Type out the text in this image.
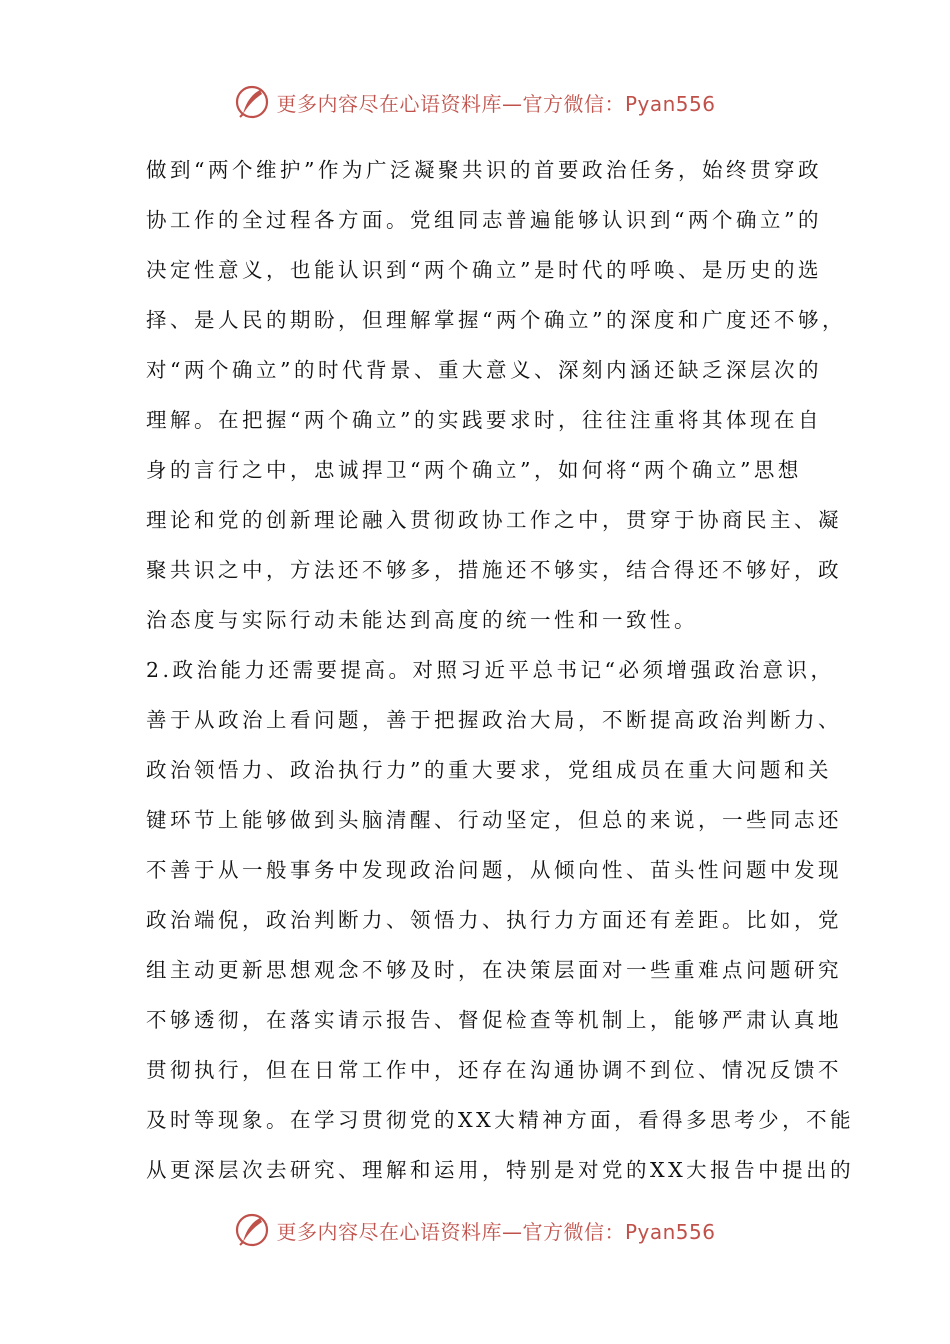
更多内容尽在心语资料库—官方微信：Pyan556
做到“两个维护”作为广泛凝聚共识的首要政治任务，始终贯穿政
协工作的全过程各方面。党组同志普遍能够认识到“两个确立”的
决定性意义，也能认识到“两个确立”是时代的呼唤、是历史的选
择、是人民的期盼，但理解掌握“两个确立”的深度和广度还不够，
对“两个确立”的时代背景、重大意义、深刻内涵还缺乏深层次的
理解。在把握“两个确立”的实践要求时，往往注重将其体现在自
身的言行之中，忠诚捍卫“两个确立”，如何将“两个确立”思想
理论和党的创新理论融入贯彻政协工作之中，贯穿于协商民主、凝
聚共识之中，方法还不够多，措施还不够实，结合得还不够好，政
治态度与实际行动未能达到高度的统一性和一致性。
2.政治能力还需要提高。对照习近平总书记“必须增强政治意识，
善于从政治上看问题，善于把握政治大局，不断提高政治判断力、
政治领悟力、政治执行力”的重大要求，党组成员在重大问题和关
键环节上能够做到头脑清醒、行动坚定，但总的来说，一些同志还
不善于从一般事务中发现政治问题，从倾向性、苗头性问题中发现
政治端倪，政治判断力、领悟力、执行力方面还有差距。比如，党
组主动更新思想观念不够及时，在决策层面对一些重难点问题研究
不够透彻，在落实请示报告、督促检查等机制上，能够严肃认真地
贯彻执行，但在日常工作中，还存在沟通协调不到位、情况反馈不
及时等现象。在学习贯彻党的XX大精神方面，看得多思考少，不能
从更深层次去研究、理解和运用，特别是对党的XX大报告中提出的
更多内容尽在心语资料库—官方微信：Pyan556
